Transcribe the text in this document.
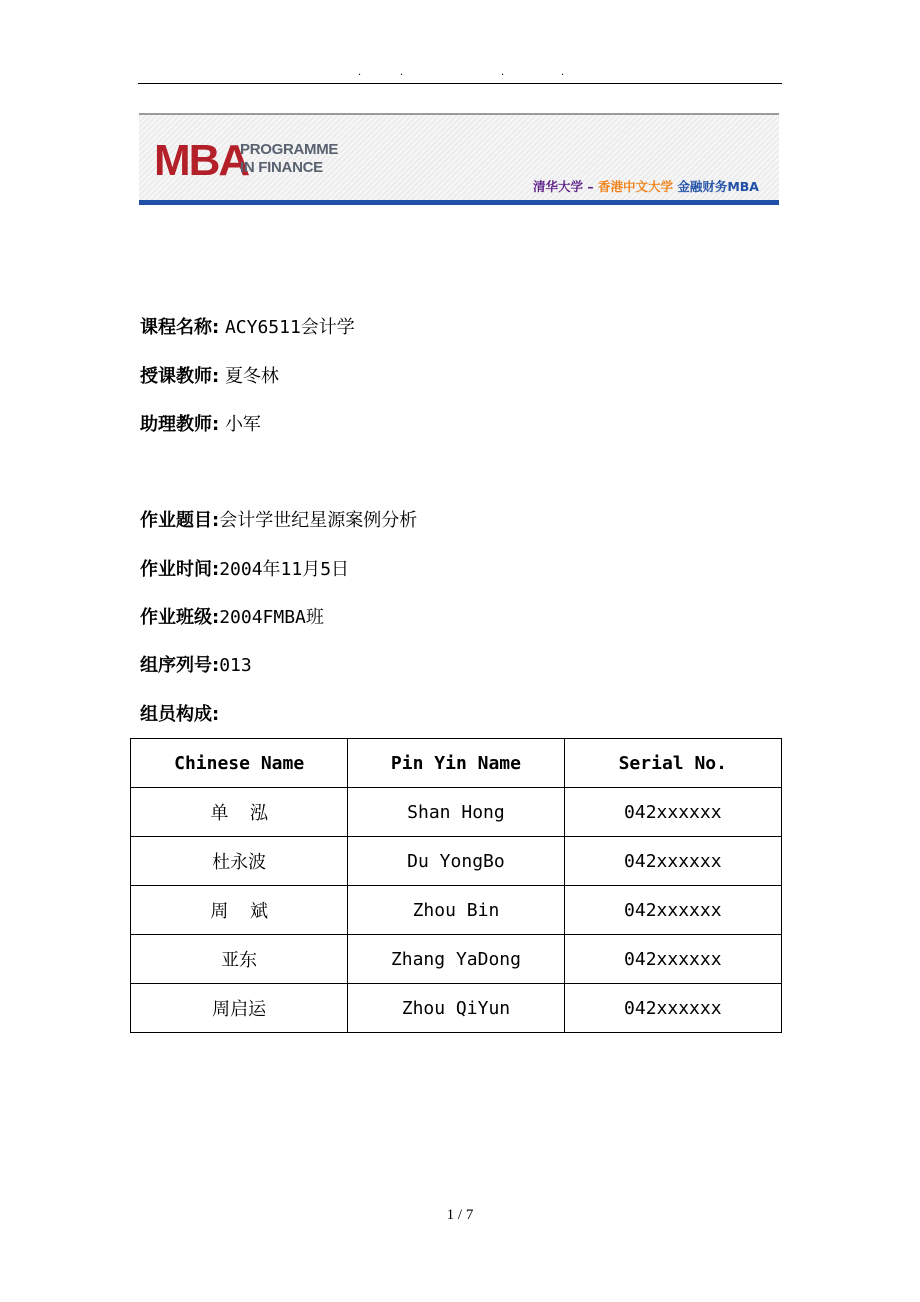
.	.	.	.
MBA
PROGRAMME
IN FINANCE
清华大学 – 香港中文大学 金融财务MBA
课程名称: ACY6511会计学
授课教师: 夏冬林
助理教师: 小军
作业题目:会计学世纪星源案例分析
作业时间:2004年11月5日
作业班级:2004FMBA班
组序列号:013
组员构成:
Chinese Name	Pin Yin Name	Serial No.
单  泓	Shan Hong	042xxxxxx
杜永波	Du YongBo	042xxxxxx
周  斌	Zhou Bin	042xxxxxx
亚东	Zhang YaDong	042xxxxxx
周启运	Zhou QiYun	042xxxxxx
1 / 7
